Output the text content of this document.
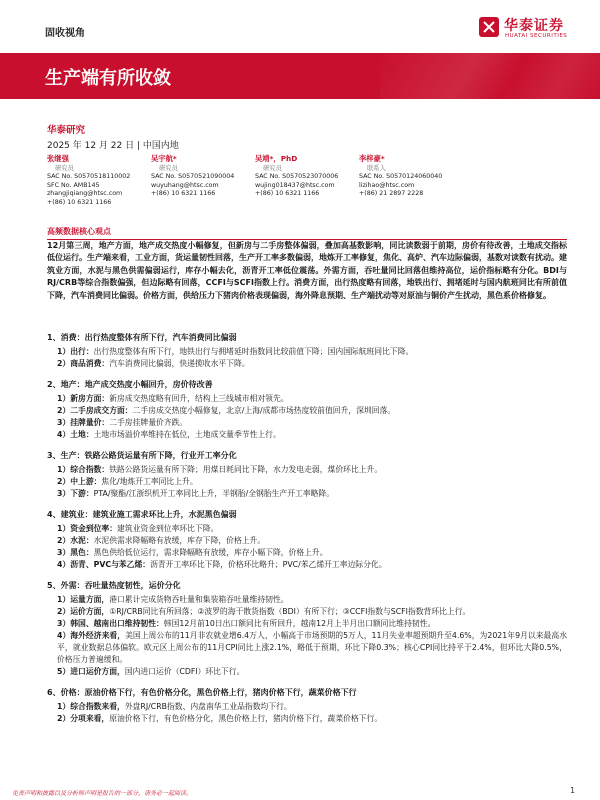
固收视角	华泰证券
HUATAI SECURITIES
生产端有所收敛
华泰研究
2025 年 12 月 22 日 | 中国内地
张继强
研究员
SAC No. S0570518110002
SFC No. AMB145
zhangjiqiang@htsc.com
+(86) 10 6321 1166
吴宇航*
研究员
SAC No. S0570521090004
wuyuhang@htsc.com
+(86) 10 6321 1166
吴靖*，PhD
研究员
SAC No. S0570523070006
wujing018437@htsc.com
+(86) 10 6321 1166
李梓豪*
联系人
SAC No. S0570124060040
lizihao@htsc.com
+(86) 21 2897 2228
高频数据核心观点
12月第三周，地产方面，地产成交热度小幅修复，但新房与二手房整体偏弱，叠加高基数影响，同比读数弱于前期，房价有待改善，土地成交指标低位运行。生产端来看，工业方面，货运量韧性回落，生产开工率多数偏弱，地炼开工率修复，焦化、高炉、汽车边际偏弱，基数对读数有扰动。建筑业方面，水泥与黑色供需偏弱运行，库存小幅去化，沥青开工率低位震荡。外需方面，吞吐量同比回落但维持高位，运价指标略有分化。BDI与RJ/CRB等综合指数偏强，但边际略有回落，CCFI与SCFI指数上行。消费方面，出行热度略有回落，地铁出行、拥堵延时与国内航班同比有所前值下降，汽车消费同比偏弱。价格方面，供给压力下猪肉价格表现偏弱，海外降息预期、生产端扰动等对原油与铜价产生扰动，黑色系价格修复。
1、消费：出行热度整体有所下行，汽车消费同比偏弱
1）出行：出行热度整体有所下行，地铁出行与拥堵延时指数同比较前值下降；国内国际航班同比下降。
2）商品消费：汽车消费同比偏弱，快递揽收水平下降。
2、地产：地产成交热度小幅回升，房价待改善
1）新房方面：新房成交热度略有回升，结构上三线城市相对领先。
2）二手房成交方面：二手房成交热度小幅修复，北京/上海/成都市场热度较前值回升，深圳回落。
3）挂牌量价：二手房挂牌量价齐跌。
4）土地：土地市场溢价率维持在低位，土地成交量季节性上行。
3、生产：铁路公路货运量有所下降，行业开工率分化
1）综合指数：铁路公路货运量有所下降；用煤日耗同比下降，水力发电走弱，煤价环比上升。
2）中上游：焦化/地炼开工率同比上升。
3）下游：PTA/聚酯/江浙织机开工率同比上升，半钢胎/全钢胎生产开工率略降。
4、建筑业：建筑业施工需求环比上升，水泥黑色偏弱
1）资金到位率：建筑业资金到位率环比下降。
2）水泥：水泥供需求降幅略有放缓，库存下降，价格上升。
3）黑色：黑色供给低位运行，需求降幅略有放缓，库存小幅下降，价格上升。
4）沥青、PVC与苯乙烯：沥青开工率环比下降，价格环比略升；PVC/苯乙烯开工率边际分化。
5、外需：吞吐量热度韧性，运价分化
1）运量方面，港口累计完成货物吞吐量和集装箱吞吐量维持韧性。
2）运价方面，①RJ/CRB同比有所回落；②波罗的海干散货指数（BDI）有所下行；③CCFI指数与SCFI指数背环比上行。
3）韩国、越南出口维持韧性：韩国12月前10日出口额同比有所回升，越南12月上半月出口额同比维持韧性。
4）海外经济来看，美国上周公布的11月非农就业增6.4万人，小幅高于市场预期的5万人，11月失业率超预期升至4.6%，为2021年9月以来最高水平，就业数据总体偏软。欧元区上周公布的11月CPI同比上涨2.1%，略低于预期，环比下降0.3%；核心CPI同比持平于2.4%，但环比大降0.5%，价格压力普遍缓和。
5）进口运价方面，国内进口运价（CDFI）环比下行。
6、价格：原油价格下行，有色价格分化，黑色价格上行，猪肉价格下行，蔬菜价格下行
1）综合指数来看，外盘RJ/CRB指数、内盘南华工业品指数均下行。
2）分项来看，原油价格下行，有色价格分化，黑色价格上行，猪肉价格下行，蔬菜价格下行。
免责声明和披露以及分析师声明是报告的一部分，请务必一起阅读。	1
